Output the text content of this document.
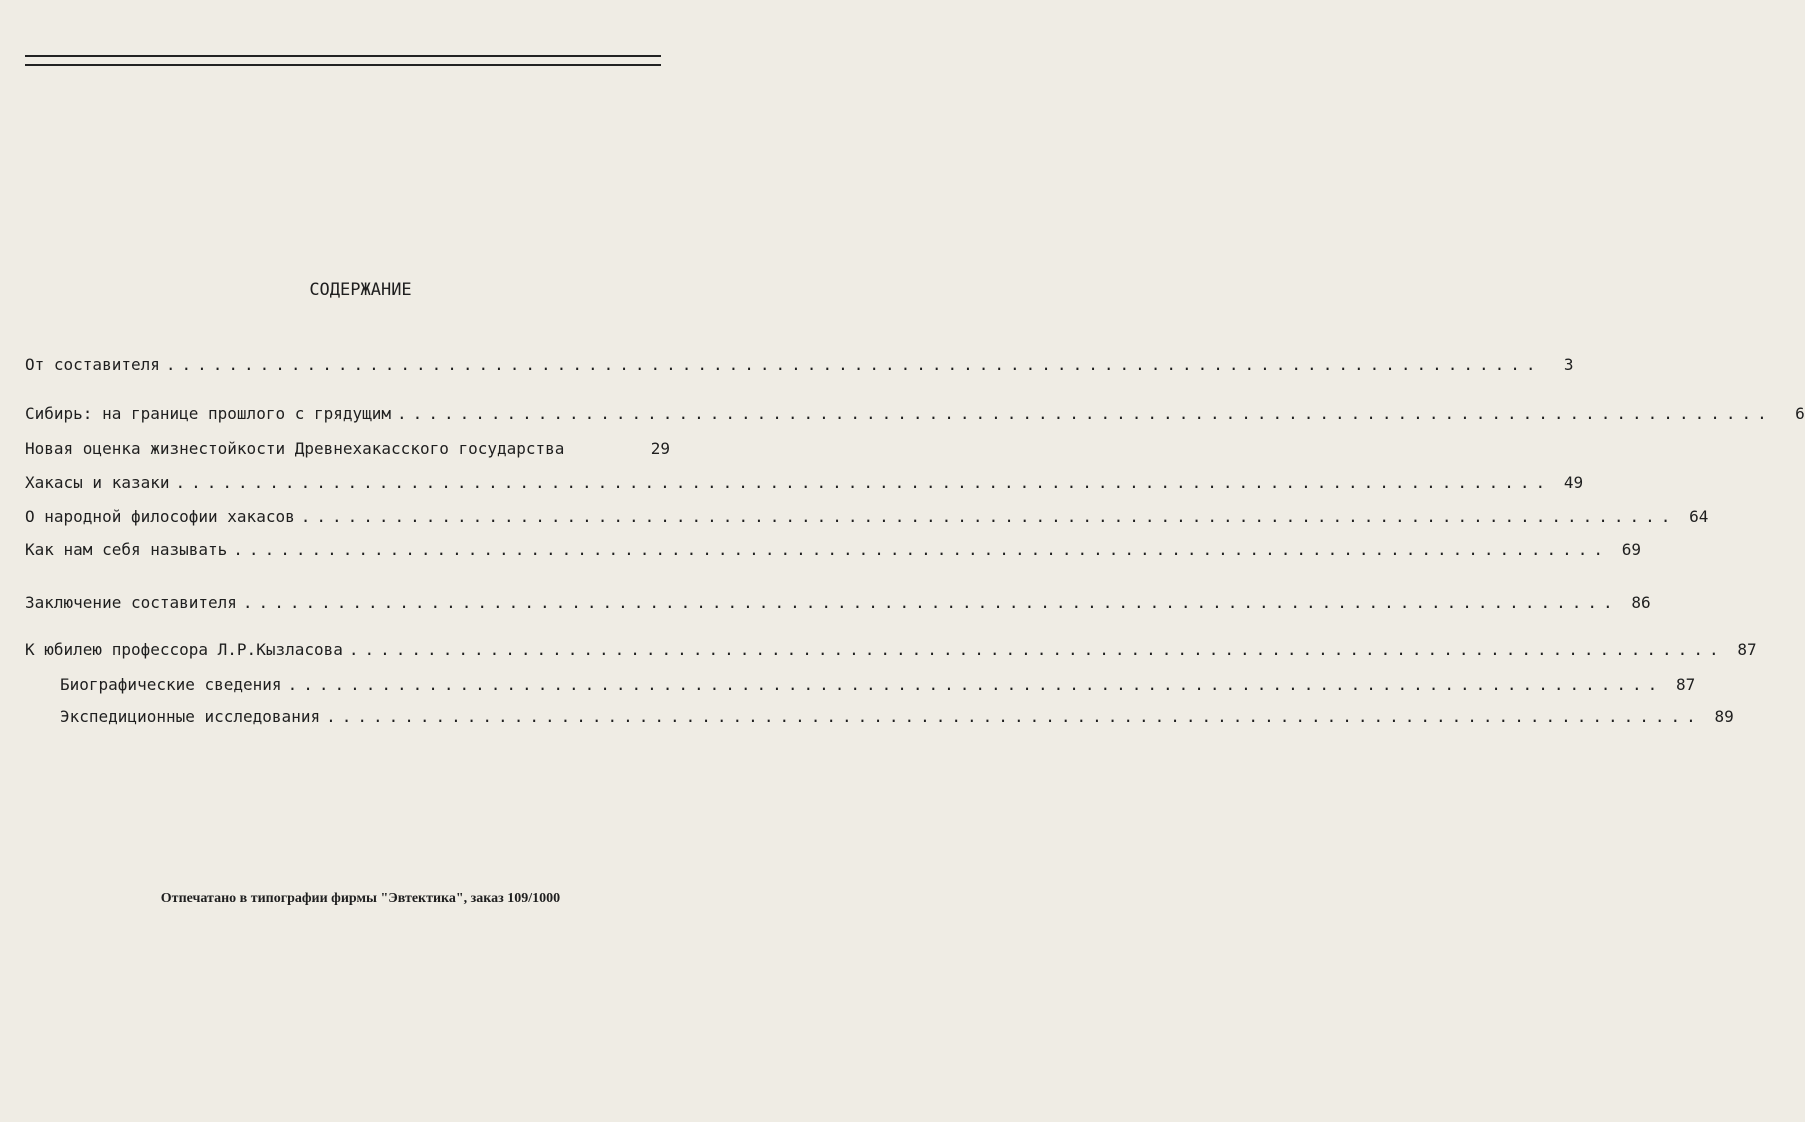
СОДЕРЖАНИЕ
От составителя ........................................................................................	3
Сибирь: на границе прошлого с грядущим ........................................................................................	6
Новая оценка жизнестойкости Древнехакасского государства	29
Хакасы и казаки ........................................................................................ 49
О народной философии хакасов ........................................................................................ 64
Как нам себя называть ........................................................................................ 69
Заключение составителя ........................................................................................ 86
К юбилею профессора Л.Р.Кызласова ........................................................................................ 87
Биографические сведения ........................................................................................ 87
Экспедиционные исследования ........................................................................................ 89
Отпечатано в типографии фирмы "Эвтектика", заказ 109/1000
